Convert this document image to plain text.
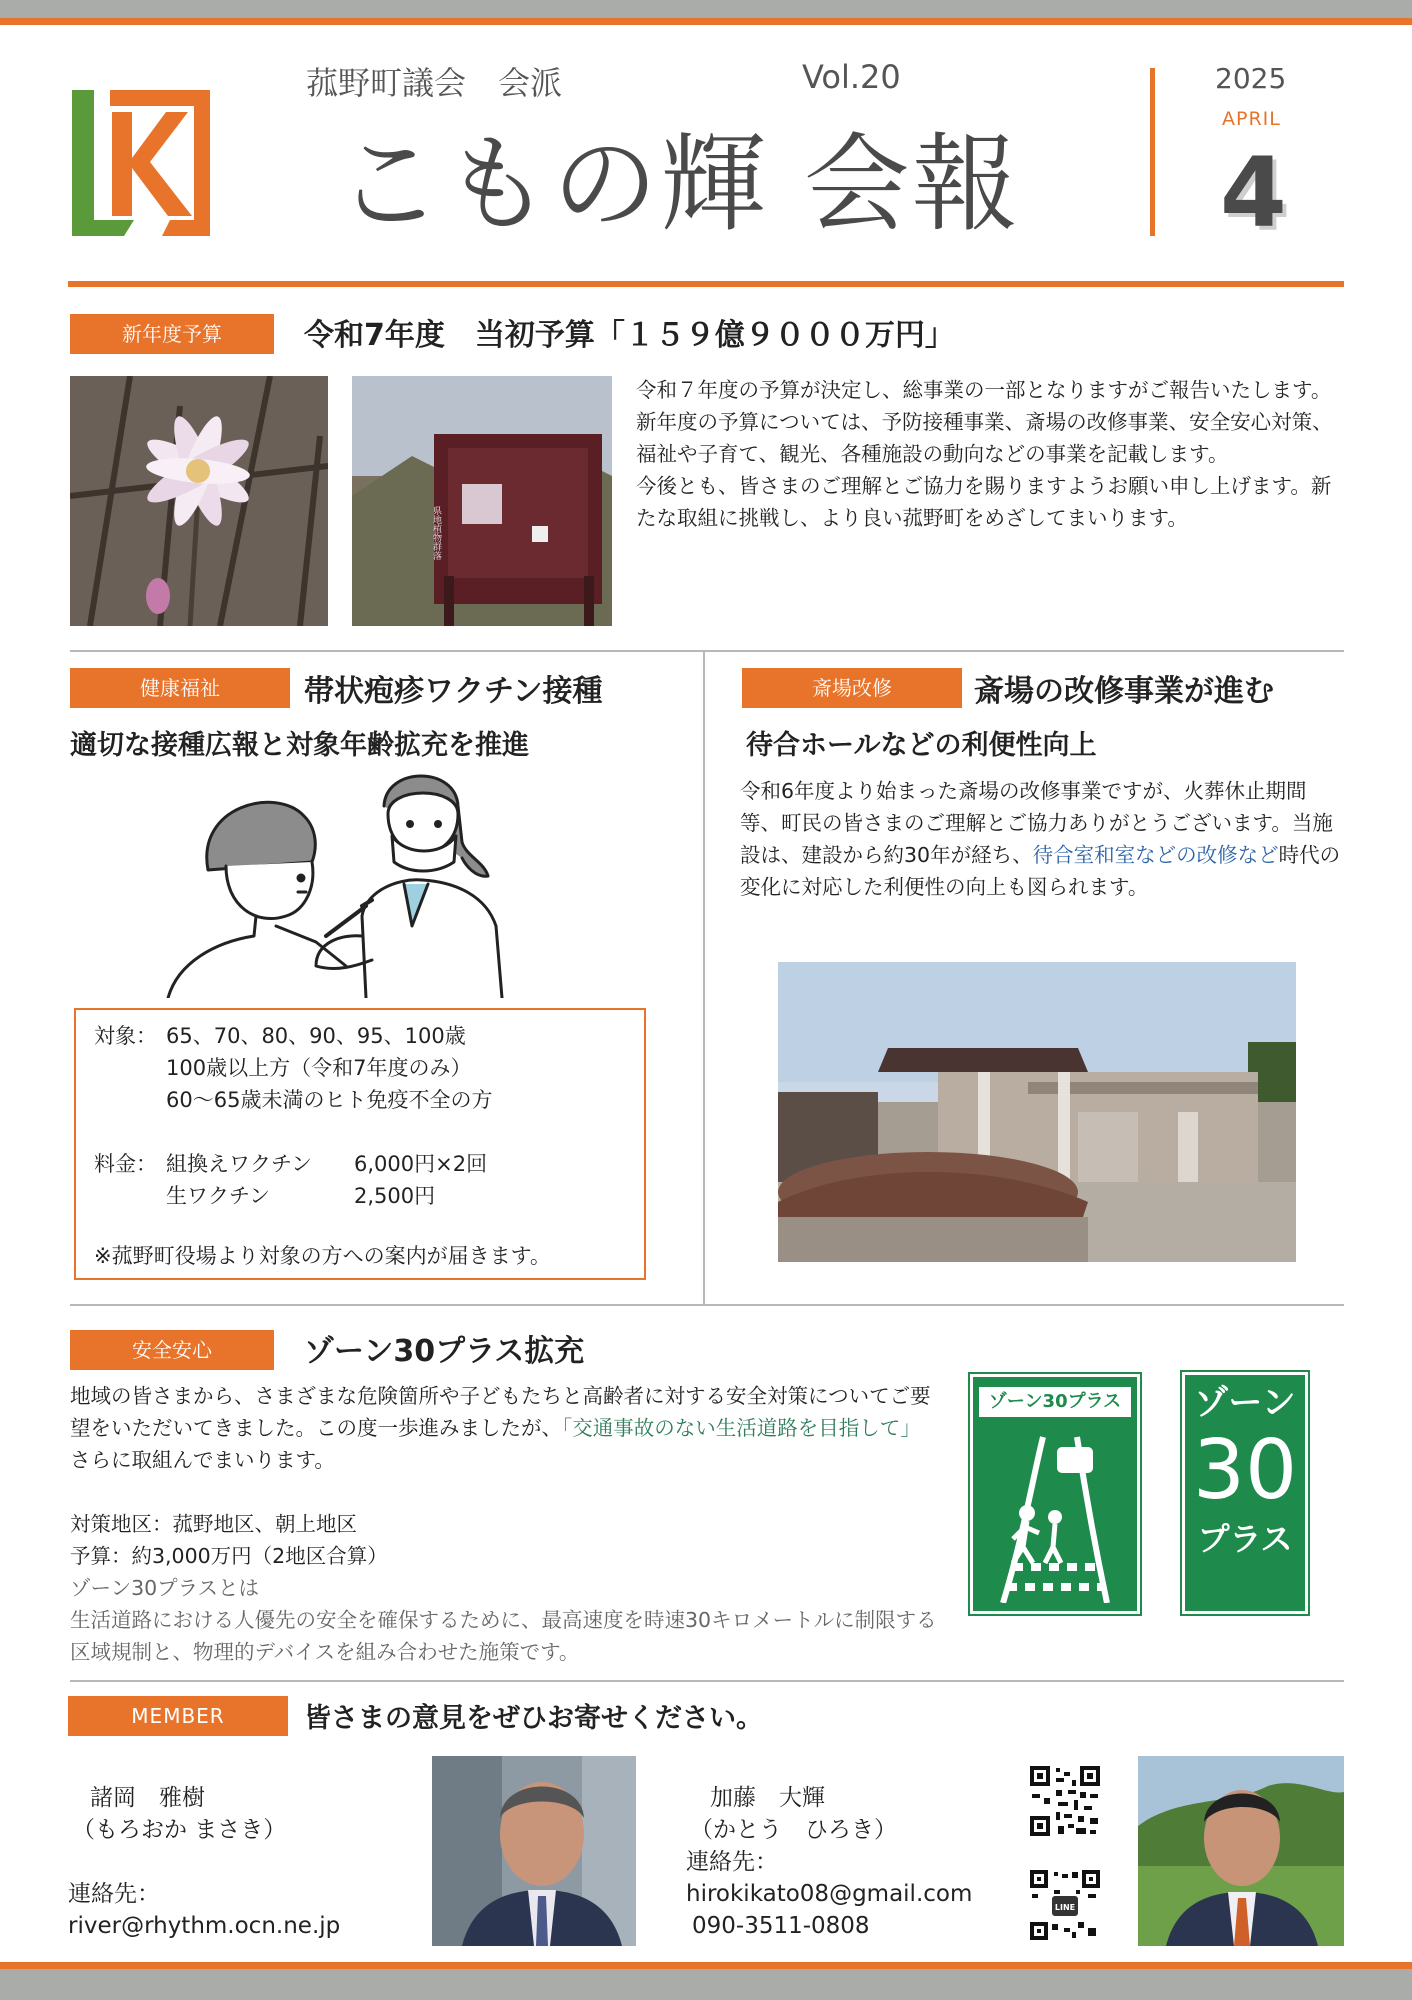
菰野町議会　会派	Vol.20
こもの輝 会報
2025
APRIL
4
新年度予算	令和7年度　当初予算「１５９億９０００万円」
県地植物群落

令和７年度の予算が決定し、総事業の一部となりますがご報告いたします。

新年度の予算については、予防接種事業、斎場の改修事業、安全安心対策、福祉や子育て、観光、各種施設の動向などの事業を記載します。

今後とも、皆さまのご理解とご協力を賜りますようお願い申し上げます。新たな取組に挑戦し、より良い菰野町をめざしてまいります。

健康福祉	帯状疱疹ワクチン接種
適切な接種広報と対象年齢拡充を推進
対象： 65、70、80、90、95、100歳
100歳以上方（令和7年度のみ）
60～65歳未満のヒト免疫不全の方
料金： 組換えワクチン	6,000円×2回
生ワクチン	2,500円
※菰野町役場より対象の方への案内が届きます。
斎場改修	斎場の改修事業が進む
待合ホールなどの利便性向上
令和6年度より始まった斎場の改修事業ですが、火葬休止期間等、町民の皆さまのご理解とご協力ありがとうございます。当施設は、建設から約30年が経ち、待合室和室などの改修など時代の変化に対応した利便性の向上も図られます。
安全安心	ゾーン30プラス拡充
地域の皆さまから、さまざまな危険箇所や子どもたちと高齢者に対する安全対策についてご要望をいただいてきました。この度一歩進みましたが、「交通事故のない生活道路を目指して」さらに取組んでまいります。

対策地区：菰野地区、朝上地区

予算：約3,000万円（2地区合算）

ゾーン30プラスとは

生活道路における人優先の安全を確保するために、最高速度を時速30キロメートルに制限する区域規制と、物理的デバイスを組み合わせた施策です。

ゾーン30プラス ゾーン
30
プラス
MEMBER	皆さまの意見をぜひお寄せください。
諸岡　雅樹
（もろおか まさき）
連絡先：
river@rhythm.ocn.ne.jp
加藤　大輝
（かとう　ひろき）
連絡先：
hirokikato08@gmail.com
090-3511-0808
LINE
